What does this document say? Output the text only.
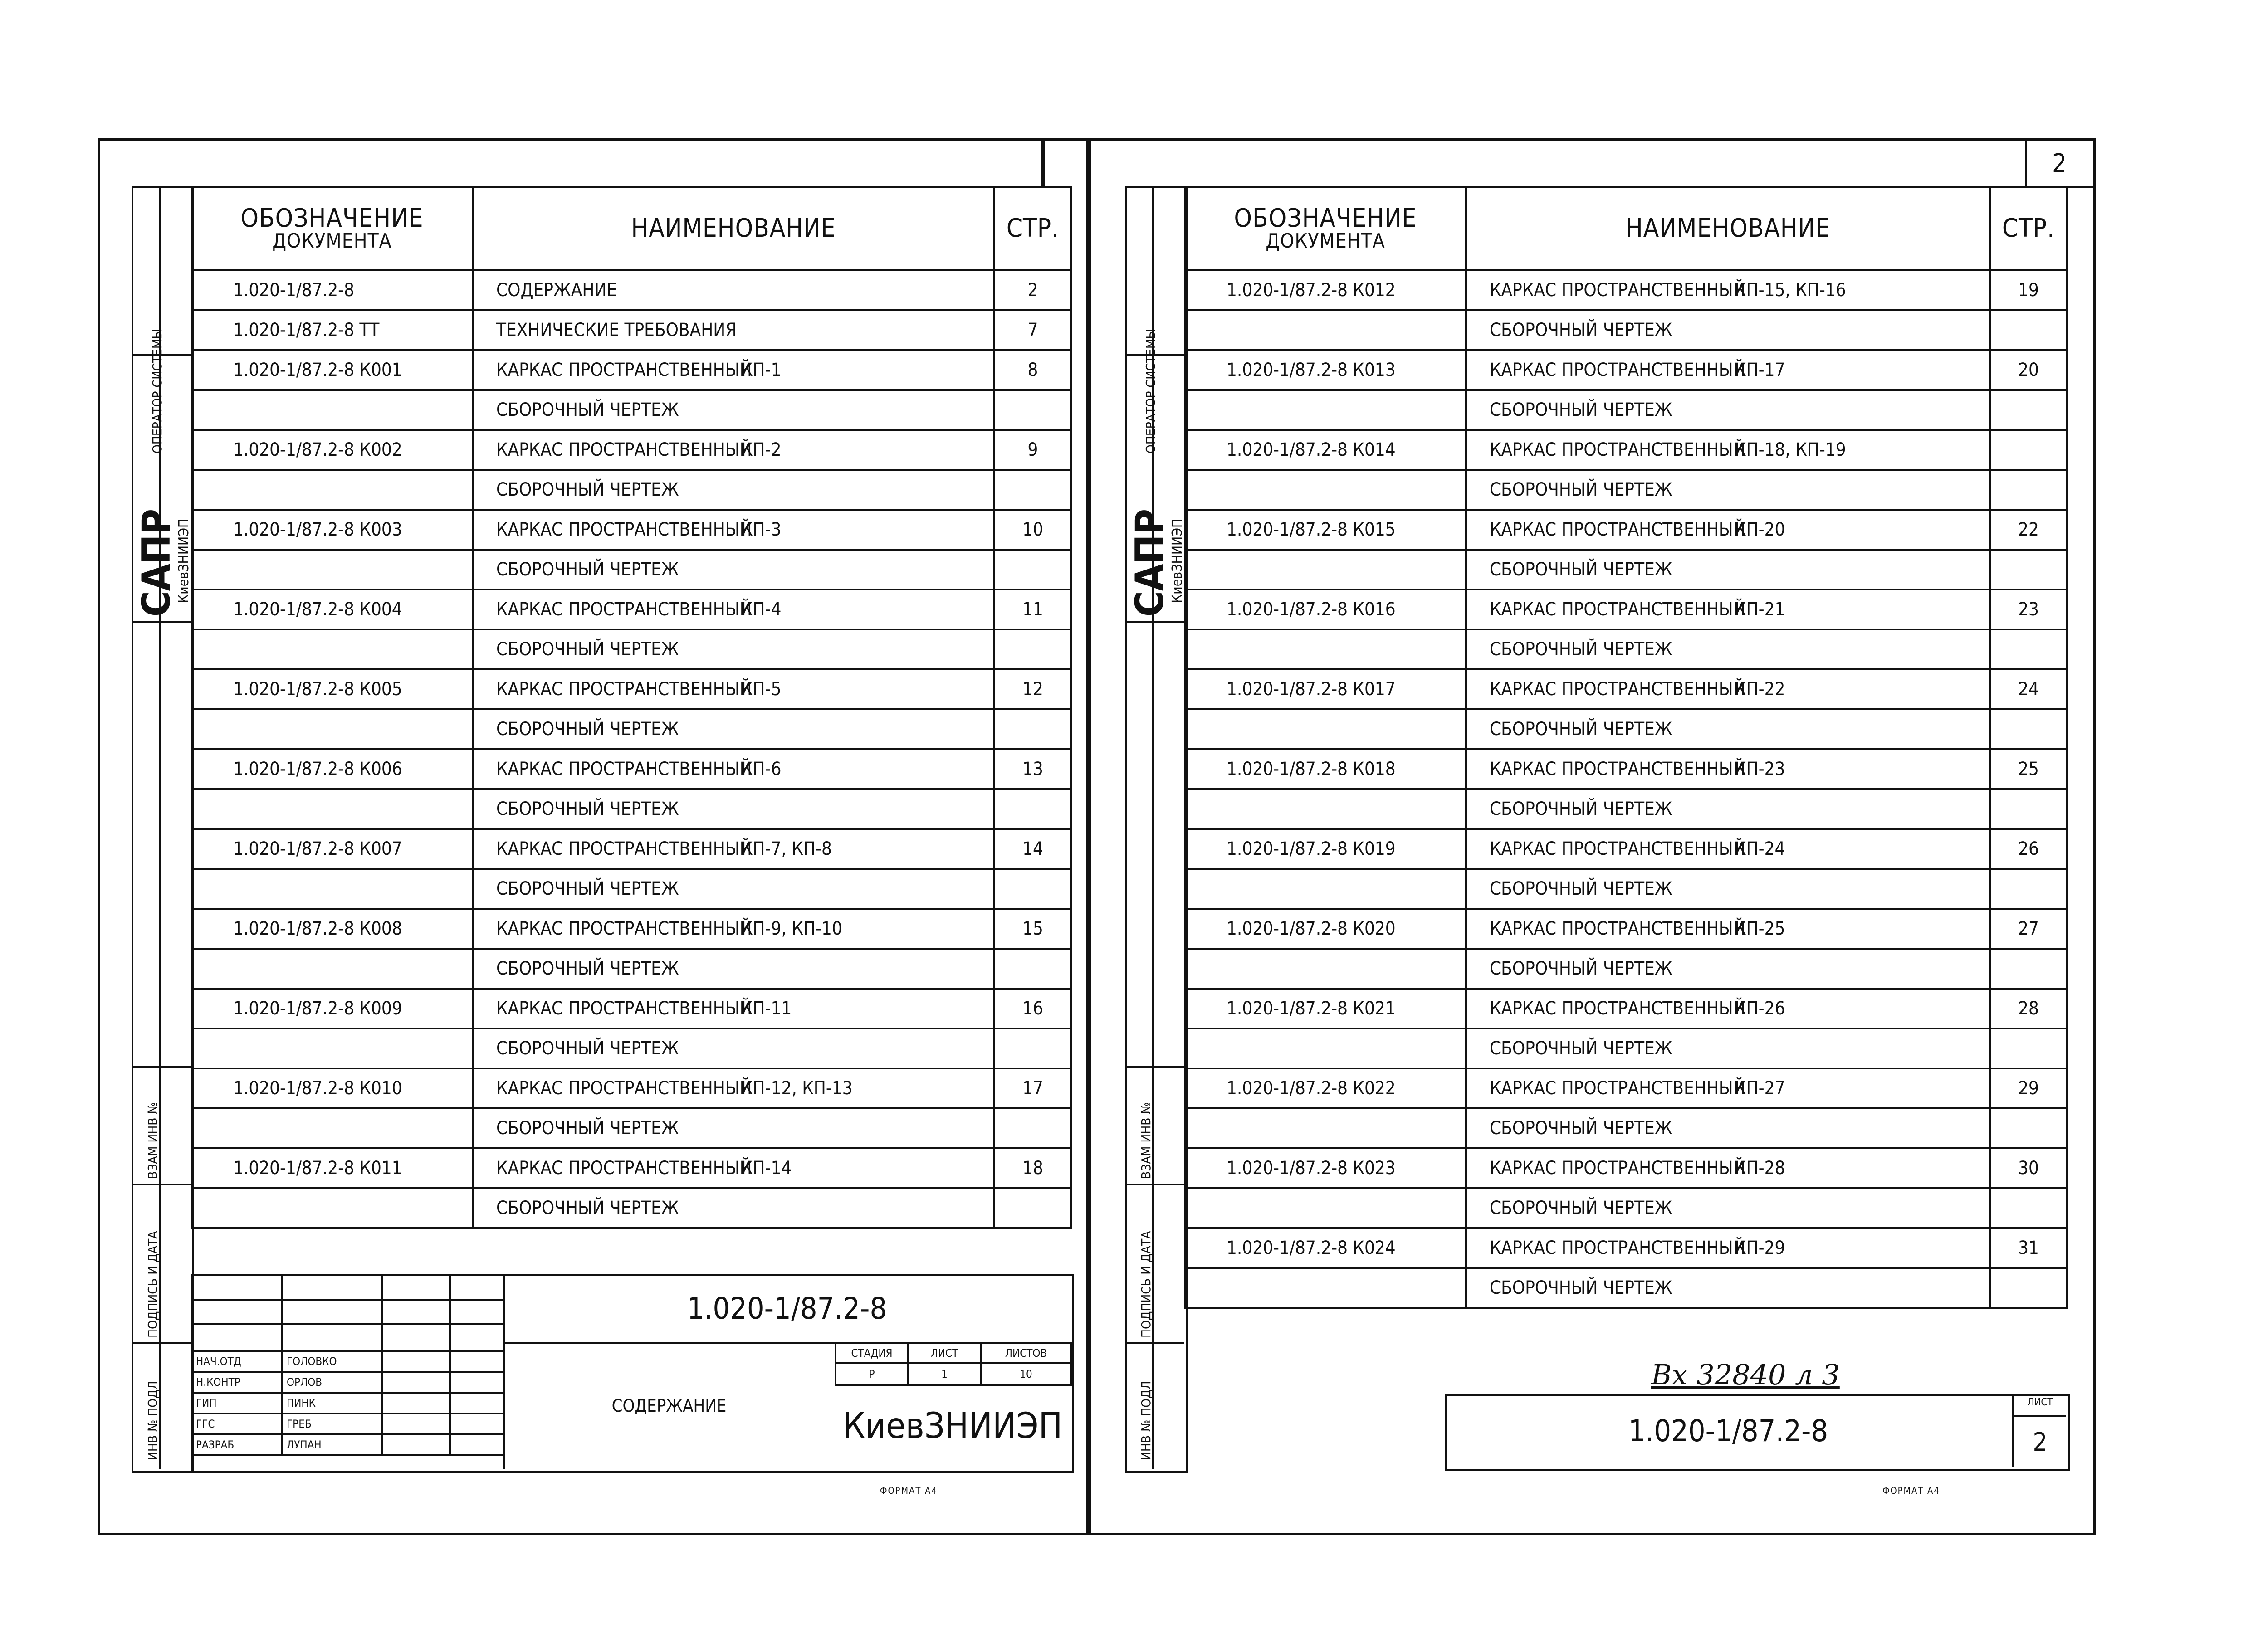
ОПЕРАТОР СИСТЕМЫ
САПР
КиевЗНИИЭП
ВЗАМ ИНВ №
ПОДПИСЬ И ДАТА
ИНВ № ПОДЛ
ОБОЗНАЧЕНИЕ
ДОКУМЕНТА	НАИМЕНОВАНИЕ	СТР.
1.020-1/87.2-8	СОДЕРЖАНИЕ	2
1.020-1/87.2-8 ТТ	ТЕХНИЧЕСКИЕ ТРЕБОВАНИЯ	7
1.020-1/87.2-8 К001	КАРКАС ПРОСТРАНСТВЕННЫЙКП-1	8
	СБОРОЧНЫЙ ЧЕРТЕЖ	
1.020-1/87.2-8 К002	КАРКАС ПРОСТРАНСТВЕННЫЙКП-2	9
	СБОРОЧНЫЙ ЧЕРТЕЖ	
1.020-1/87.2-8 К003	КАРКАС ПРОСТРАНСТВЕННЫЙКП-3	10
	СБОРОЧНЫЙ ЧЕРТЕЖ	
1.020-1/87.2-8 К004	КАРКАС ПРОСТРАНСТВЕННЫЙКП-4	11
	СБОРОЧНЫЙ ЧЕРТЕЖ	
1.020-1/87.2-8 К005	КАРКАС ПРОСТРАНСТВЕННЫЙКП-5	12
	СБОРОЧНЫЙ ЧЕРТЕЖ	
1.020-1/87.2-8 К006	КАРКАС ПРОСТРАНСТВЕННЫЙКП-6	13
	СБОРОЧНЫЙ ЧЕРТЕЖ	
1.020-1/87.2-8 К007	КАРКАС ПРОСТРАНСТВЕННЫЙКП-7, КП-8	14
	СБОРОЧНЫЙ ЧЕРТЕЖ	
1.020-1/87.2-8 К008	КАРКАС ПРОСТРАНСТВЕННЫЙКП-9, КП-10	15
	СБОРОЧНЫЙ ЧЕРТЕЖ	
1.020-1/87.2-8 К009	КАРКАС ПРОСТРАНСТВЕННЫЙКП-11	16
	СБОРОЧНЫЙ ЧЕРТЕЖ	
1.020-1/87.2-8 К010	КАРКАС ПРОСТРАНСТВЕННЫЙКП-12, КП-13	17
	СБОРОЧНЫЙ ЧЕРТЕЖ	
1.020-1/87.2-8 К011	КАРКАС ПРОСТРАНСТВЕННЫЙКП-14	18
	СБОРОЧНЫЙ ЧЕРТЕЖ	

НАЧ.ОТД	ГОЛОВКО		
Н.КОНТР	ОРЛОВ		
ГИП	ПИНК		
ГГС	ГРЕБ		
РАЗРАБ	ЛУПАН		
1.020-1/87.2-8
СОДЕРЖАНИЕ
СТАДИЯ	ЛИСТ	ЛИСТОВ
Р	1	10
КиевЗНИИЭП
ФОРМАТ А4
2
ОПЕРАТОР СИСТЕМЫ
САПР
КиевЗНИИЭП
ВЗАМ ИНВ №
ПОДПИСЬ И ДАТА
ИНВ № ПОДЛ
ОБОЗНАЧЕНИЕ
ДОКУМЕНТА	НАИМЕНОВАНИЕ	СТР.
1.020-1/87.2-8 К012	КАРКАС ПРОСТРАНСТВЕННЫЙКП-15, КП-16	19
	СБОРОЧНЫЙ ЧЕРТЕЖ	
1.020-1/87.2-8 К013	КАРКАС ПРОСТРАНСТВЕННЫЙКП-17	20
	СБОРОЧНЫЙ ЧЕРТЕЖ	
1.020-1/87.2-8 К014	КАРКАС ПРОСТРАНСТВЕННЫЙКП-18, КП-19	
	СБОРОЧНЫЙ ЧЕРТЕЖ	
1.020-1/87.2-8 К015	КАРКАС ПРОСТРАНСТВЕННЫЙКП-20	22
	СБОРОЧНЫЙ ЧЕРТЕЖ	
1.020-1/87.2-8 К016	КАРКАС ПРОСТРАНСТВЕННЫЙКП-21	23
	СБОРОЧНЫЙ ЧЕРТЕЖ	
1.020-1/87.2-8 К017	КАРКАС ПРОСТРАНСТВЕННЫЙКП-22	24
	СБОРОЧНЫЙ ЧЕРТЕЖ	
1.020-1/87.2-8 К018	КАРКАС ПРОСТРАНСТВЕННЫЙКП-23	25
	СБОРОЧНЫЙ ЧЕРТЕЖ	
1.020-1/87.2-8 К019	КАРКАС ПРОСТРАНСТВЕННЫЙКП-24	26
	СБОРОЧНЫЙ ЧЕРТЕЖ	
1.020-1/87.2-8 К020	КАРКАС ПРОСТРАНСТВЕННЫЙКП-25	27
	СБОРОЧНЫЙ ЧЕРТЕЖ	
1.020-1/87.2-8 К021	КАРКАС ПРОСТРАНСТВЕННЫЙКП-26	28
	СБОРОЧНЫЙ ЧЕРТЕЖ	
1.020-1/87.2-8 К022	КАРКАС ПРОСТРАНСТВЕННЫЙКП-27	29
	СБОРОЧНЫЙ ЧЕРТЕЖ	
1.020-1/87.2-8 К023	КАРКАС ПРОСТРАНСТВЕННЫЙКП-28	30
	СБОРОЧНЫЙ ЧЕРТЕЖ	
1.020-1/87.2-8 К024	КАРКАС ПРОСТРАНСТВЕННЫЙКП-29	31
	СБОРОЧНЫЙ ЧЕРТЕЖ	
Вх 32840 л 3
1.020-1/87.2-8
ЛИСТ
2
ФОРМАТ А4
